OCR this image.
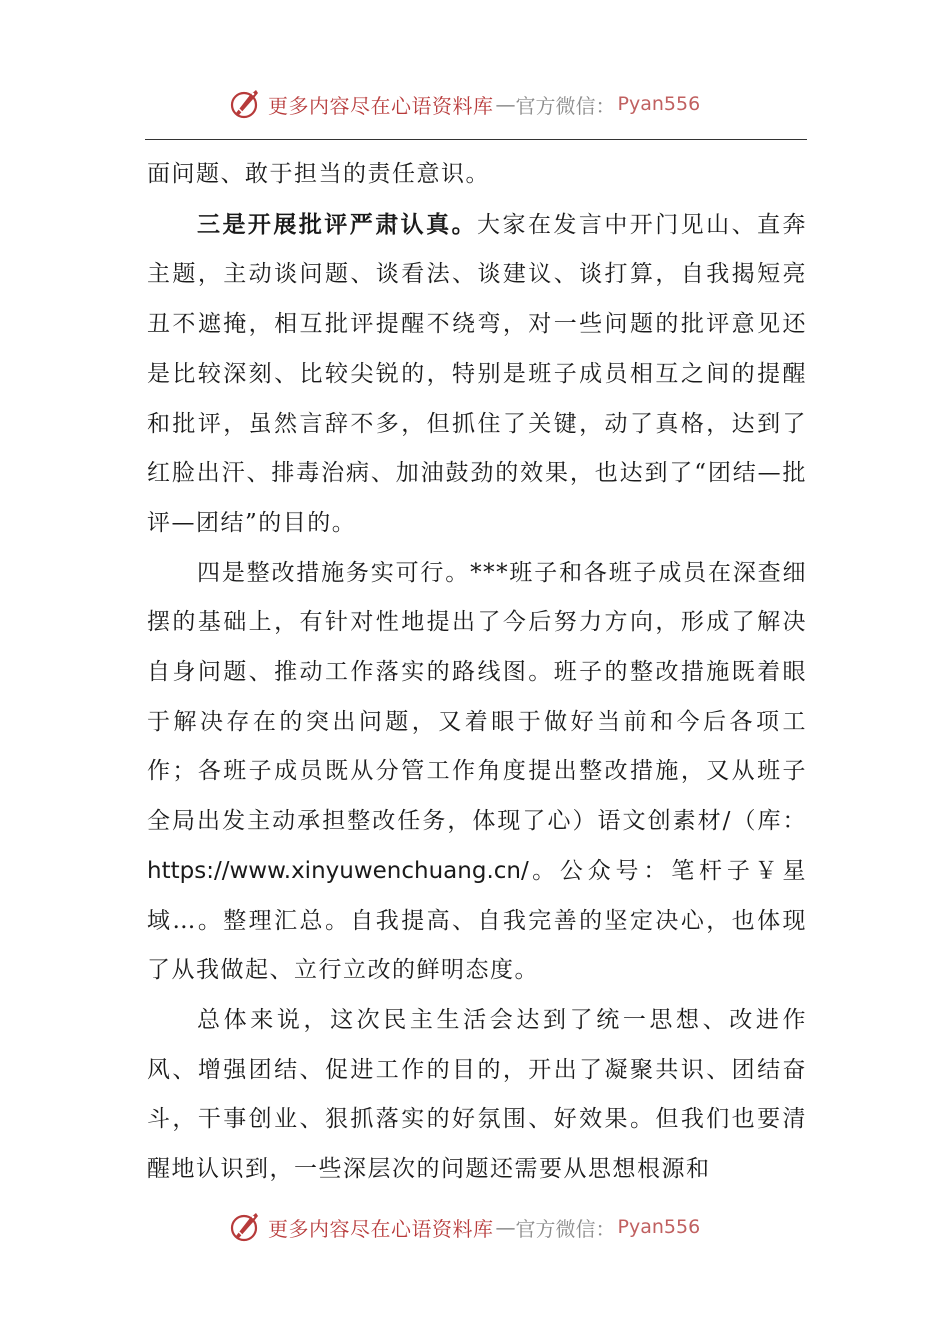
更多内容尽在心语资料库 — 官方微信： Pyan556

面问题、敢于担当的责任意识。

三是开展批评严肃认真。大家在发言中开门见山、直奔主题，主动谈问题、谈看法、谈建议、谈打算，自我揭短亮丑不遮掩，相互批评提醒不绕弯，对一些问题的批评意见还是比较深刻、比较尖锐的，特别是班子成员相互之间的提醒和批评，虽然言辞不多，但抓住了关键，动了真格，达到了红脸出汗、排毒治病、加油鼓劲的效果，也达到了“团结—批评—团结”的目的。

四是整改措施务实可行。***班子和各班子成员在深查细摆的基础上，有针对性地提出了今后努力方向，形成了解决自身问题、推动工作落实的路线图。班子的整改措施既着眼于解决存在的突出问题，又着眼于做好当前和今后各项工作；各班子成员既从分管工作角度提出整改措施，又从班子全局出发主动承担整改任务，体现了心）语文创素材/（库：https://www.xinyuwenchuang.cn/。公众号：笔杆子￥星域…。整理汇总。自我提高、自我完善的坚定决心，也体现了从我做起、立行立改的鲜明态度。

总体来说，这次民主生活会达到了统一思想、改进作风、增强团结、促进工作的目的，开出了凝聚共识、团结奋斗，干事创业、狠抓落实的好氛围、好效果。但我们也要清醒地认识到，一些深层次的问题还需要从思想根源和

更多内容尽在心语资料库 — 官方微信： Pyan556
